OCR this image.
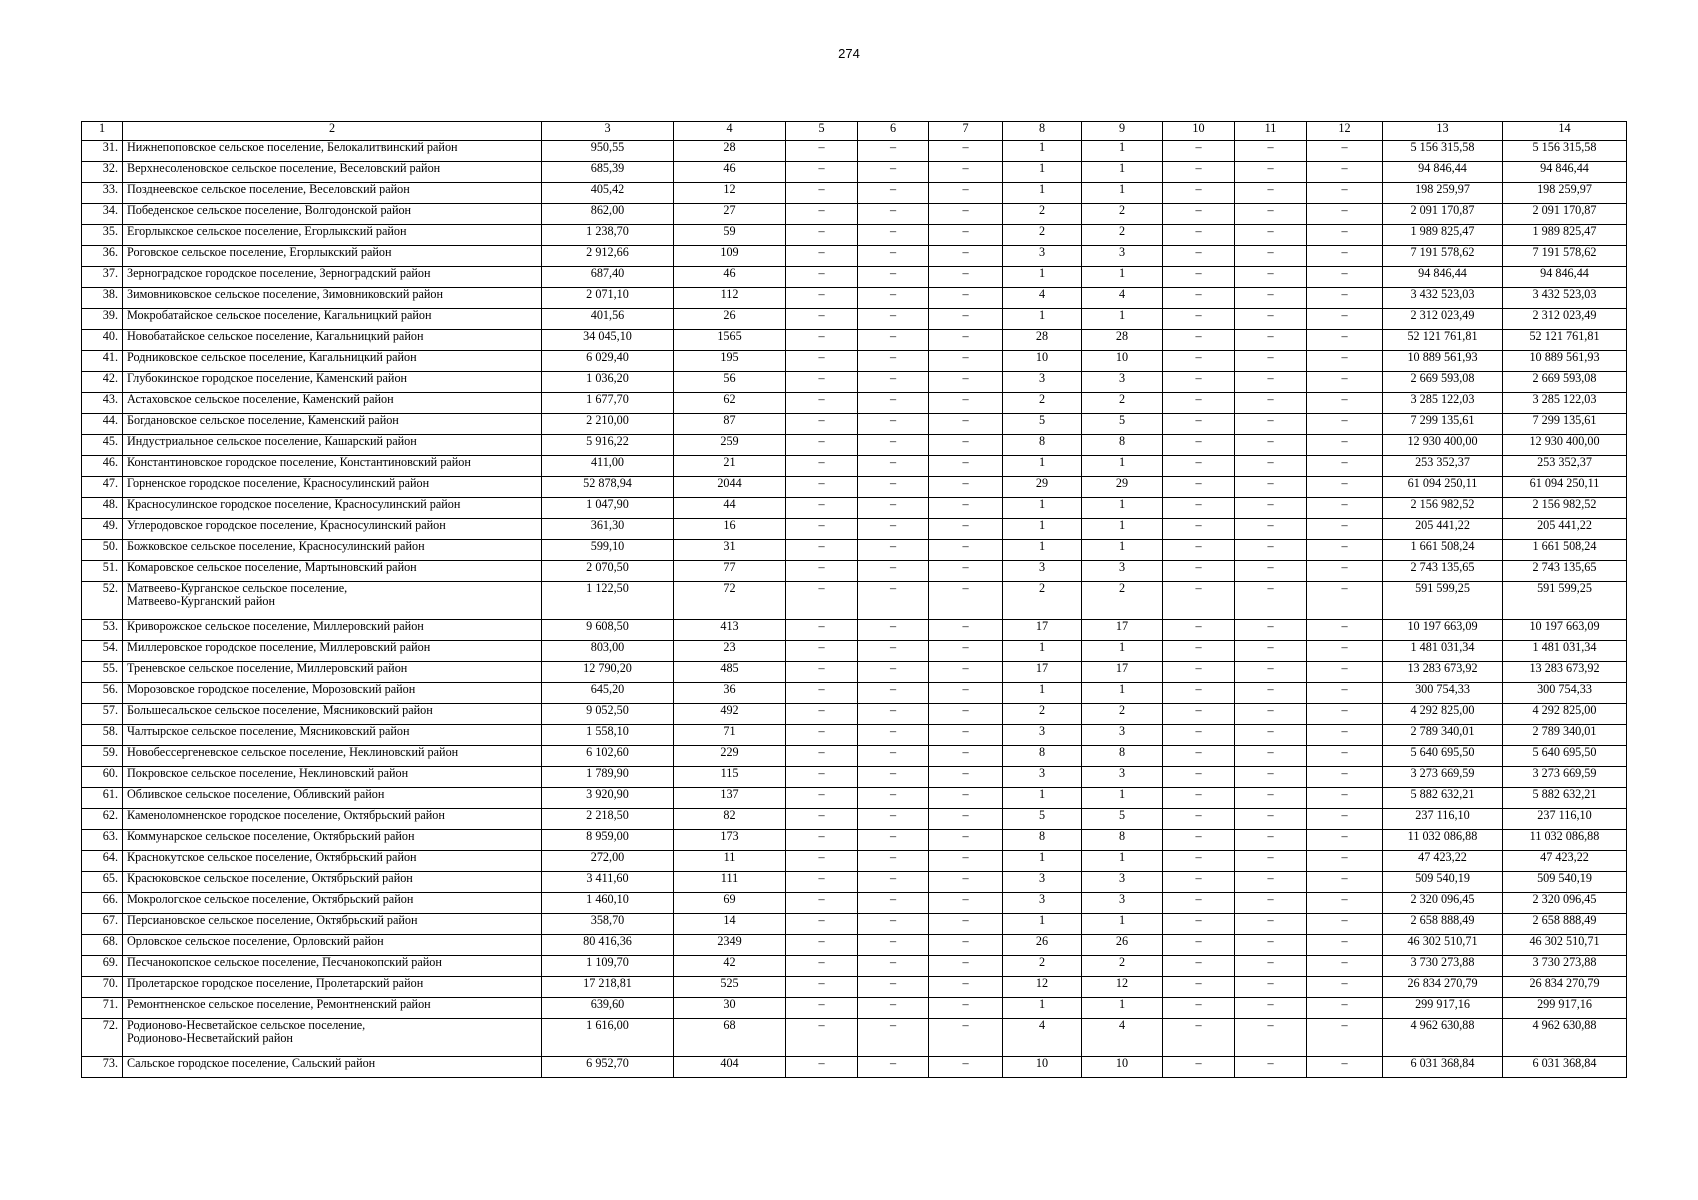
274
1	2	3	4	5	6	7	8	9	10	11	12	13	14
31.	Нижнепоповское сельское поселение, Белокалитвинский район	950,55	28	–	–	–	1	1	–	–	–	5 156 315,58	5 156 315,58
32.	Верхнесоленовское сельское поселение, Веселовский район	685,39	46	–	–	–	1	1	–	–	–	94 846,44	94 846,44
33.	Позднеевское сельское поселение, Веселовский район	405,42	12	–	–	–	1	1	–	–	–	198 259,97	198 259,97
34.	Победенское сельское поселение, Волгодонской район	862,00	27	–	–	–	2	2	–	–	–	2 091 170,87	2 091 170,87
35.	Егорлыкское сельское поселение, Егорлыкский район	1 238,70	59	–	–	–	2	2	–	–	–	1 989 825,47	1 989 825,47
36.	Роговское сельское поселение, Егорлыкский район	2 912,66	109	–	–	–	3	3	–	–	–	7 191 578,62	7 191 578,62
37.	Зерноградское городское поселение, Зерноградский район	687,40	46	–	–	–	1	1	–	–	–	94 846,44	94 846,44
38.	Зимовниковское сельское поселение, Зимовниковский район	2 071,10	112	–	–	–	4	4	–	–	–	3 432 523,03	3 432 523,03
39.	Мокробатайское сельское поселение, Кагальницкий район	401,56	26	–	–	–	1	1	–	–	–	2 312 023,49	2 312 023,49
40.	Новобатайское сельское поселение, Кагальницкий район	34 045,10	1565	–	–	–	28	28	–	–	–	52 121 761,81	52 121 761,81
41.	Родниковское сельское поселение, Кагальницкий район	6 029,40	195	–	–	–	10	10	–	–	–	10 889 561,93	10 889 561,93
42.	Глубокинское городское поселение, Каменский район	1 036,20	56	–	–	–	3	3	–	–	–	2 669 593,08	2 669 593,08
43.	Астаховское сельское поселение, Каменский район	1 677,70	62	–	–	–	2	2	–	–	–	3 285 122,03	3 285 122,03
44.	Богдановское сельское поселение, Каменский район	2 210,00	87	–	–	–	5	5	–	–	–	7 299 135,61	7 299 135,61
45.	Индустриальное сельское поселение, Кашарский район	5 916,22	259	–	–	–	8	8	–	–	–	12 930 400,00	12 930 400,00
46.	Константиновское городское поселение, Константиновский район	411,00	21	–	–	–	1	1	–	–	–	253 352,37	253 352,37
47.	Горненское городское поселение, Красносулинский район	52 878,94	2044	–	–	–	29	29	–	–	–	61 094 250,11	61 094 250,11
48.	Красносулинское городское поселение, Красносулинский район	1 047,90	44	–	–	–	1	1	–	–	–	2 156 982,52	2 156 982,52
49.	Углеродовское городское поселение, Красносулинский район	361,30	16	–	–	–	1	1	–	–	–	205 441,22	205 441,22
50.	Божковское сельское поселение, Красносулинский район	599,10	31	–	–	–	1	1	–	–	–	1 661 508,24	1 661 508,24
51.	Комаровское сельское поселение, Мартыновский район	2 070,50	77	–	–	–	3	3	–	–	–	2 743 135,65	2 743 135,65
52.	Матвеево-Курганское сельское поселение,
Матвеево-Курганский район	1 122,50	72	–	–	–	2	2	–	–	–	591 599,25	591 599,25
53.	Криворожское сельское поселение, Миллеровский район	9 608,50	413	–	–	–	17	17	–	–	–	10 197 663,09	10 197 663,09
54.	Миллеровское городское поселение, Миллеровский район	803,00	23	–	–	–	1	1	–	–	–	1 481 031,34	1 481 031,34
55.	Треневское сельское поселение, Миллеровский район	12 790,20	485	–	–	–	17	17	–	–	–	13 283 673,92	13 283 673,92
56.	Морозовское городское поселение, Морозовский район	645,20	36	–	–	–	1	1	–	–	–	300 754,33	300 754,33
57.	Большесальское сельское поселение, Мясниковский район	9 052,50	492	–	–	–	2	2	–	–	–	4 292 825,00	4 292 825,00
58.	Чалтырское сельское поселение, Мясниковский район	1 558,10	71	–	–	–	3	3	–	–	–	2 789 340,01	2 789 340,01
59.	Новобессергеневское сельское поселение, Неклиновский район	6 102,60	229	–	–	–	8	8	–	–	–	5 640 695,50	5 640 695,50
60.	Покровское сельское поселение, Неклиновский район	1 789,90	115	–	–	–	3	3	–	–	–	3 273 669,59	3 273 669,59
61.	Обливское сельское поселение, Обливский район	3 920,90	137	–	–	–	1	1	–	–	–	5 882 632,21	5 882 632,21
62.	Каменоломненское городское поселение, Октябрьский район	2 218,50	82	–	–	–	5	5	–	–	–	237 116,10	237 116,10
63.	Коммунарское сельское поселение, Октябрьский район	8 959,00	173	–	–	–	8	8	–	–	–	11 032 086,88	11 032 086,88
64.	Краснокутское сельское поселение, Октябрьский район	272,00	11	–	–	–	1	1	–	–	–	47 423,22	47 423,22
65.	Красюковское сельское поселение, Октябрьский район	3 411,60	111	–	–	–	3	3	–	–	–	509 540,19	509 540,19
66.	Мокрологское сельское поселение, Октябрьский район	1 460,10	69	–	–	–	3	3	–	–	–	2 320 096,45	2 320 096,45
67.	Персиановское сельское поселение, Октябрьский район	358,70	14	–	–	–	1	1	–	–	–	2 658 888,49	2 658 888,49
68.	Орловское сельское поселение, Орловский район	80 416,36	2349	–	–	–	26	26	–	–	–	46 302 510,71	46 302 510,71
69.	Песчанокопское сельское поселение, Песчанокопский район	1 109,70	42	–	–	–	2	2	–	–	–	3 730 273,88	3 730 273,88
70.	Пролетарское городское поселение, Пролетарский район	17 218,81	525	–	–	–	12	12	–	–	–	26 834 270,79	26 834 270,79
71.	Ремонтненское сельское поселение, Ремонтненский район	639,60	30	–	–	–	1	1	–	–	–	299 917,16	299 917,16
72.	Родионово-Несветайское сельское поселение,
Родионово-Несветайский район	1 616,00	68	–	–	–	4	4	–	–	–	4 962 630,88	4 962 630,88
73.	Сальское городское поселение, Сальский район	6 952,70	404	–	–	–	10	10	–	–	–	6 031 368,84	6 031 368,84
